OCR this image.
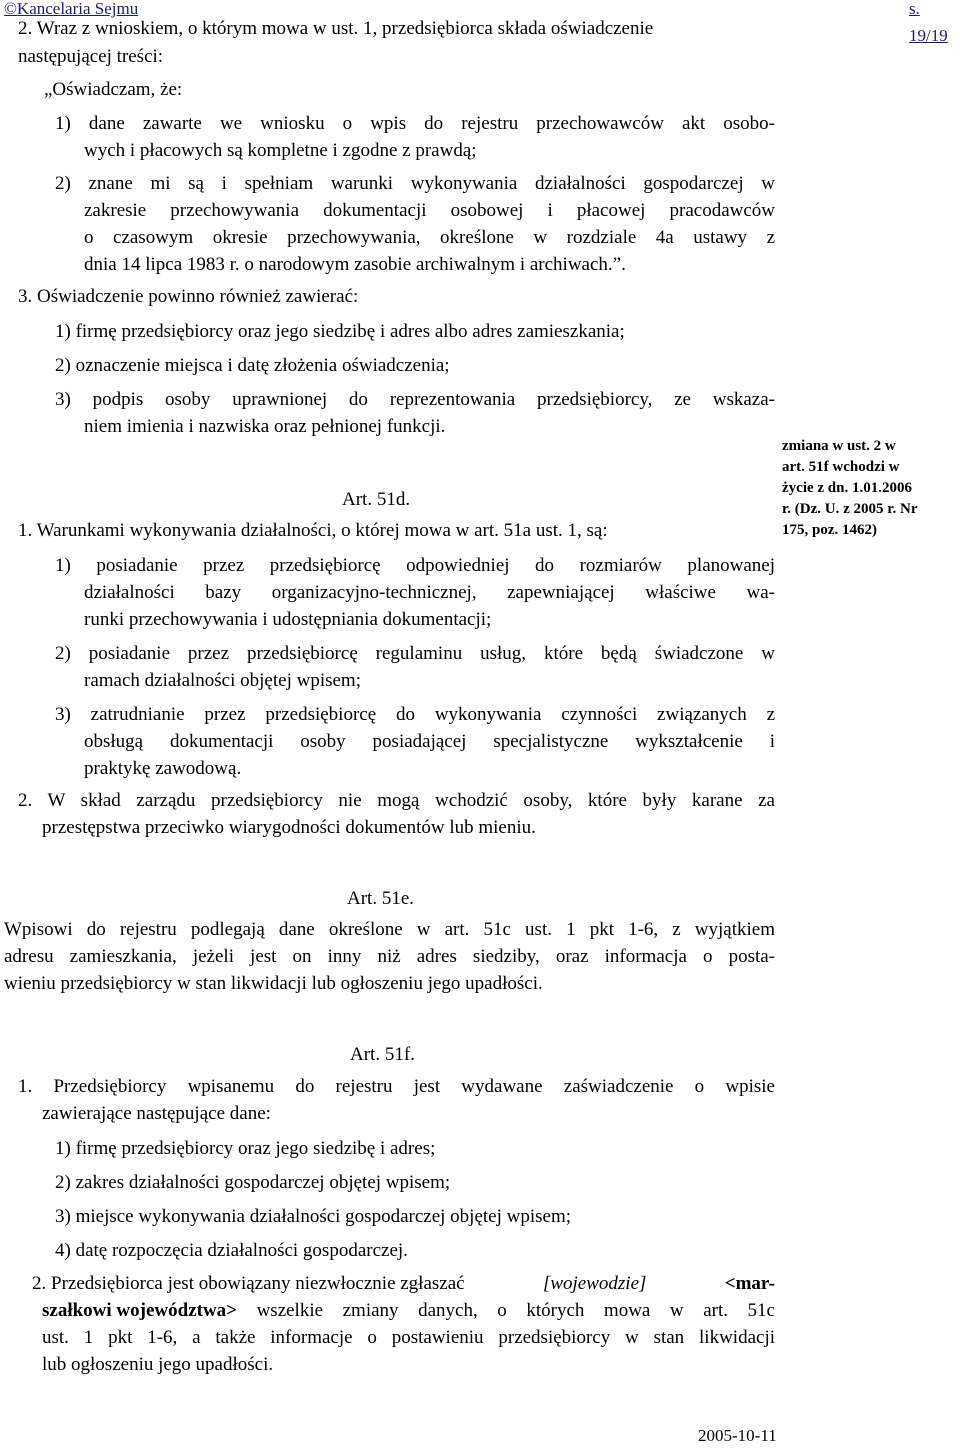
©Kancelaria Sejmu	s. 19/19
2. Wraz z wnioskiem, o którym mowa w ust. 1, przedsiębiorca składa oświadczenie
następującej treści:
„Oświadczam, że:
1) dane zawarte we wniosku o wpis do rejestru przechowawców akt osobo-
wych i płacowych są kompletne i zgodne z prawdą;
2) znane mi są i spełniam warunki wykonywania działalności gospodarczej w
zakresie przechowywania dokumentacji osobowej i płacowej pracodawców
o czasowym okresie przechowywania, określone w rozdziale 4a ustawy z
dnia 14 lipca 1983 r. o narodowym zasobie archiwalnym i archiwach.”.
3. Oświadczenie powinno również zawierać:
1) firmę przedsiębiorcy oraz jego siedzibę i adres albo adres zamieszkania;
2) oznaczenie miejsca i datę złożenia oświadczenia;
3) podpis osoby uprawnionej do reprezentowania przedsiębiorcy, ze wskaza-
niem imienia i nazwiska oraz pełnionej funkcji.
zmiana w ust. 2 w
art. 51f wchodzi w
życie z dn. 1.01.2006
r. (Dz. U. z 2005 r. Nr
175, poz. 1462)
Art. 51d.
1. Warunkami wykonywania działalności, o której mowa w art. 51a ust. 1, są:
1) posiadanie przez przedsiębiorcę odpowiedniej do rozmiarów planowanej
działalności bazy organizacyjno-technicznej, zapewniającej właściwe wa-
runki przechowywania i udostępniania dokumentacji;
2) posiadanie przez przedsiębiorcę regulaminu usług, które będą świadczone w
ramach działalności objętej wpisem;
3) zatrudnianie przez przedsiębiorcę do wykonywania czynności związanych z
obsługą dokumentacji osoby posiadającej specjalistyczne wykształcenie i
praktykę zawodową.
2. W skład zarządu przedsiębiorcy nie mogą wchodzić osoby, które były karane za
przestępstwa przeciwko wiarygodności dokumentów lub mieniu.
Art. 51e.
Wpisowi do rejestru podlegają dane określone w art. 51c ust. 1 pkt 1-6, z wyjątkiem
adresu zamieszkania, jeżeli jest on inny niż adres siedziby, oraz informacja o posta-
wieniu przedsiębiorcy w stan likwidacji lub ogłoszeniu jego upadłości.
Art. 51f.
1. Przedsiębiorcy wpisanemu do rejestru jest wydawane zaświadczenie o wpisie
zawierające następujące dane:
1) firmę przedsiębiorcy oraz jego siedzibę i adres;
2) zakres działalności gospodarczej objętej wpisem;
3) miejsce wykonywania działalności gospodarczej objętej wpisem;
4) datę rozpoczęcia działalności gospodarczej.
2. Przedsiębiorca jest obowiązany niezwłocznie zgłaszać	[wojewodzie]	<mar-
szałkowi województwa> wszelkie zmiany danych, o których mowa w art. 51c
ust. 1 pkt 1-6, a także informacje o postawieniu przedsiębiorcy w stan likwidacji
lub ogłoszeniu jego upadłości.
2005-10-11
